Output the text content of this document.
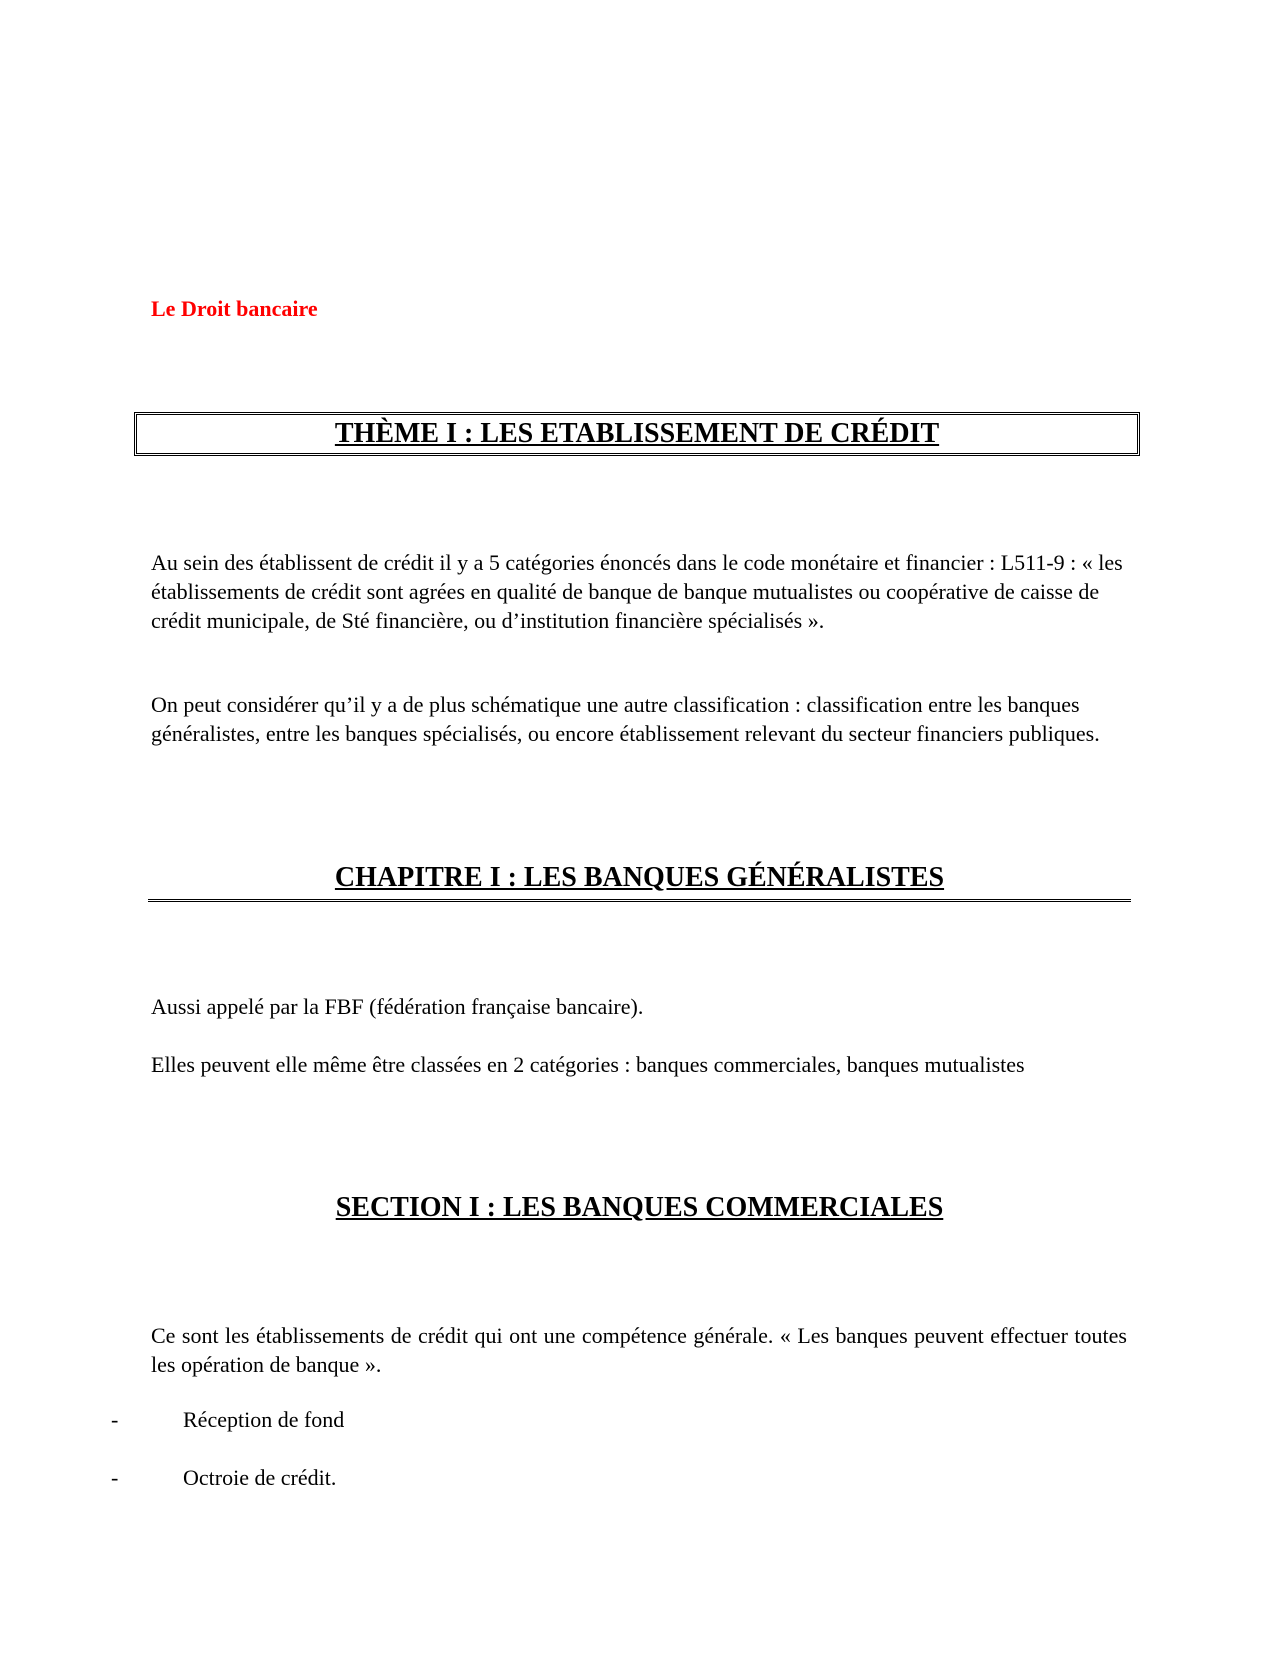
Le Droit bancaire

THÈME I : LES ETABLISSEMENT DE CRÉDIT

Au sein des établissent de crédit il y a 5 catégories énoncés dans le code monétaire et financier : L511-9 : « les établissements de crédit sont agrées en qualité de banque de banque mutualistes ou coopérative de caisse de crédit municipale, de Sté financière, ou d’institution financière spécialisés ».

On peut considérer qu’il y a de plus schématique une autre classification : classification entre les banques généralistes, entre les banques spécialisés, ou encore établissement relevant du secteur financiers publiques.

CHAPITRE I : LES BANQUES GÉNÉRALISTES

Aussi appelé par la FBF (fédération française bancaire).

Elles peuvent elle même être classées en 2 catégories : banques commerciales, banques mutualistes

SECTION I : LES BANQUES COMMERCIALES

Ce sont les établissements de crédit qui ont une compétence générale. « Les banques peuvent effectuer toutes les opération de banque ».

-	Réception de fond
-	Octroie de crédit.
